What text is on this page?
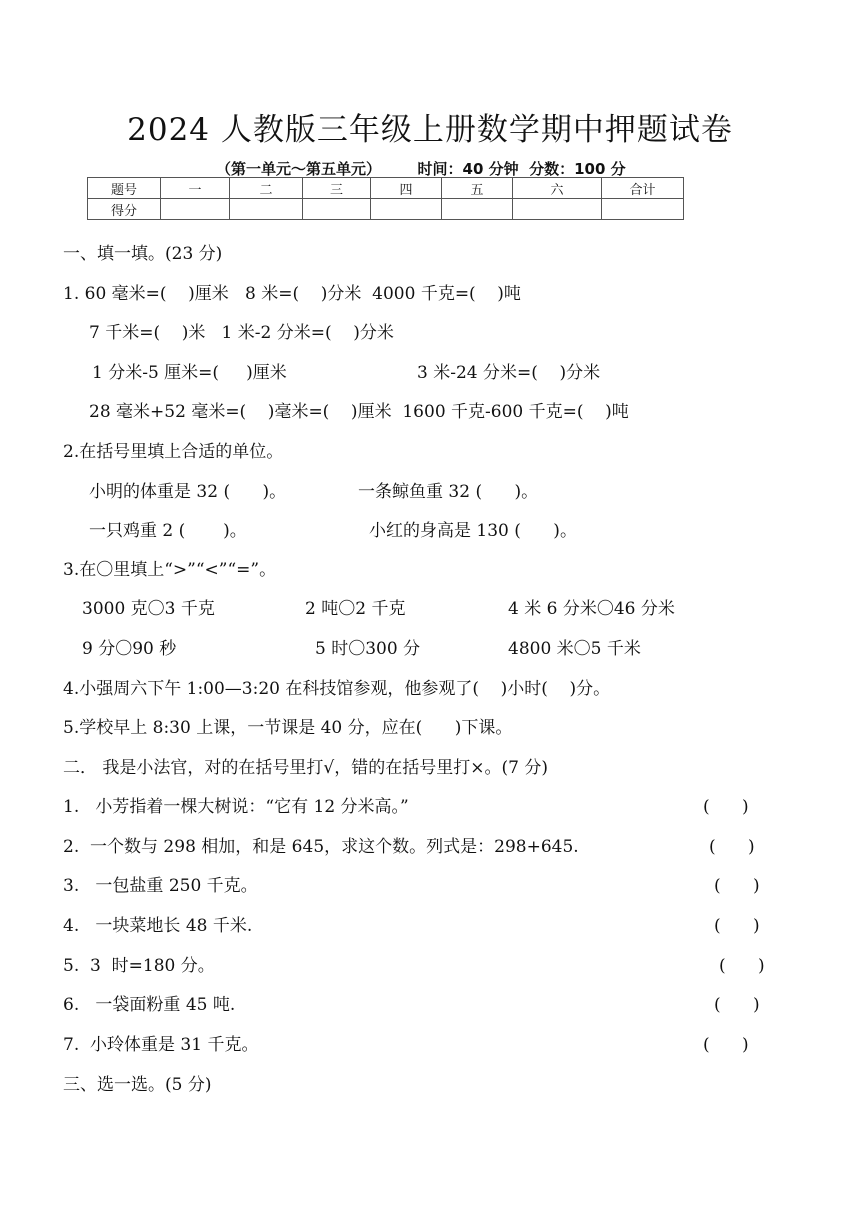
2024 人教版三年级上册数学期中押题试卷
（第一单元～第五单元）       时间：40 分钟  分数：100 分
题号	一	二	三	四	五	六	合计
得分							
一、填一填。(23 分)
1. 60 毫米=(    )厘米   8 米=(    )分米  4000 千克=(    )吨
7 千米=(    )米   1 米-2 分米=(    )分米
1 分米-5 厘米=(     )厘米	3 米-24 分米=(    )分米
28 毫米+52 毫米=(    )毫米=(    )厘米  1600 千克-600 千克=(    )吨
2.在括号里填上合适的单位。
小明的体重是 32 (      )。	一条鲸鱼重 32 (      )。
一只鸡重 2 (       )。	小红的身高是 130 (      )。
3.在〇里填上“>”“<”“=”。
3000 克〇3 千克	2 吨〇2 千克	4 米 6 分米〇46 分米
9 分〇90 秒	5 时〇300 分	4800 米〇5 千米
4.小强周六下午 1:00—3:20 在科技馆参观，他参观了(    )小时(    )分。
5.学校早上 8:30 上课，一节课是 40 分，应在(      )下课。
二． 我是小法官，对的在括号里打√，错的在括号里打×。(7 分)
1.   小芳指着一棵大树说：“它有 12 分米高。”	(      )
2.  一个数与 298 相加，和是 645，求这个数。列式是：298+645.	(      )
3.   一包盐重 250 千克。	(      )
4.   一块菜地长 48 千米.	(      )
5.  3  时=180 分。	(      )
6.   一袋面粉重 45 吨.	(      )
7.  小玲体重是 31 千克。	(      )
三、选一选。(5 分)
